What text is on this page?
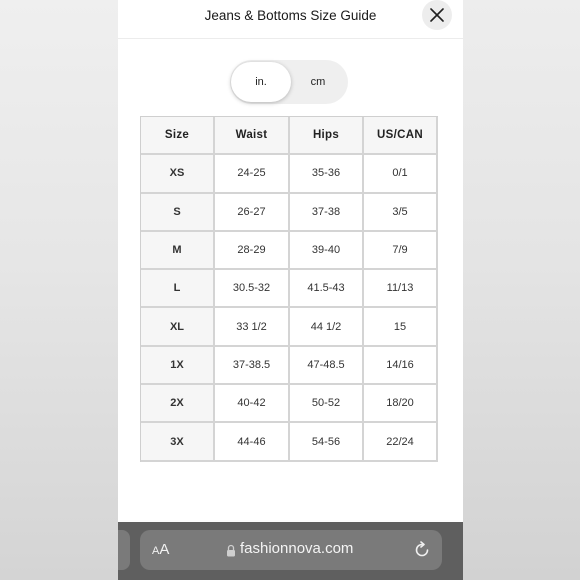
Jeans & Bottoms Size Guide
in.	cm
Size	Waist	Hips	US/CAN
XS	24-25	35-36	0/1
S	26-27	37-38	3/5
M	28-29	39-40	7/9
L	30.5-32	41.5-43	11/13
XL	33 1/2	44 1/2	15
1X	37-38.5	47-48.5	14/16
2X	40-42	50-52	18/20
3X	44-46	54-56	22/24
AA	fashionnova.com
